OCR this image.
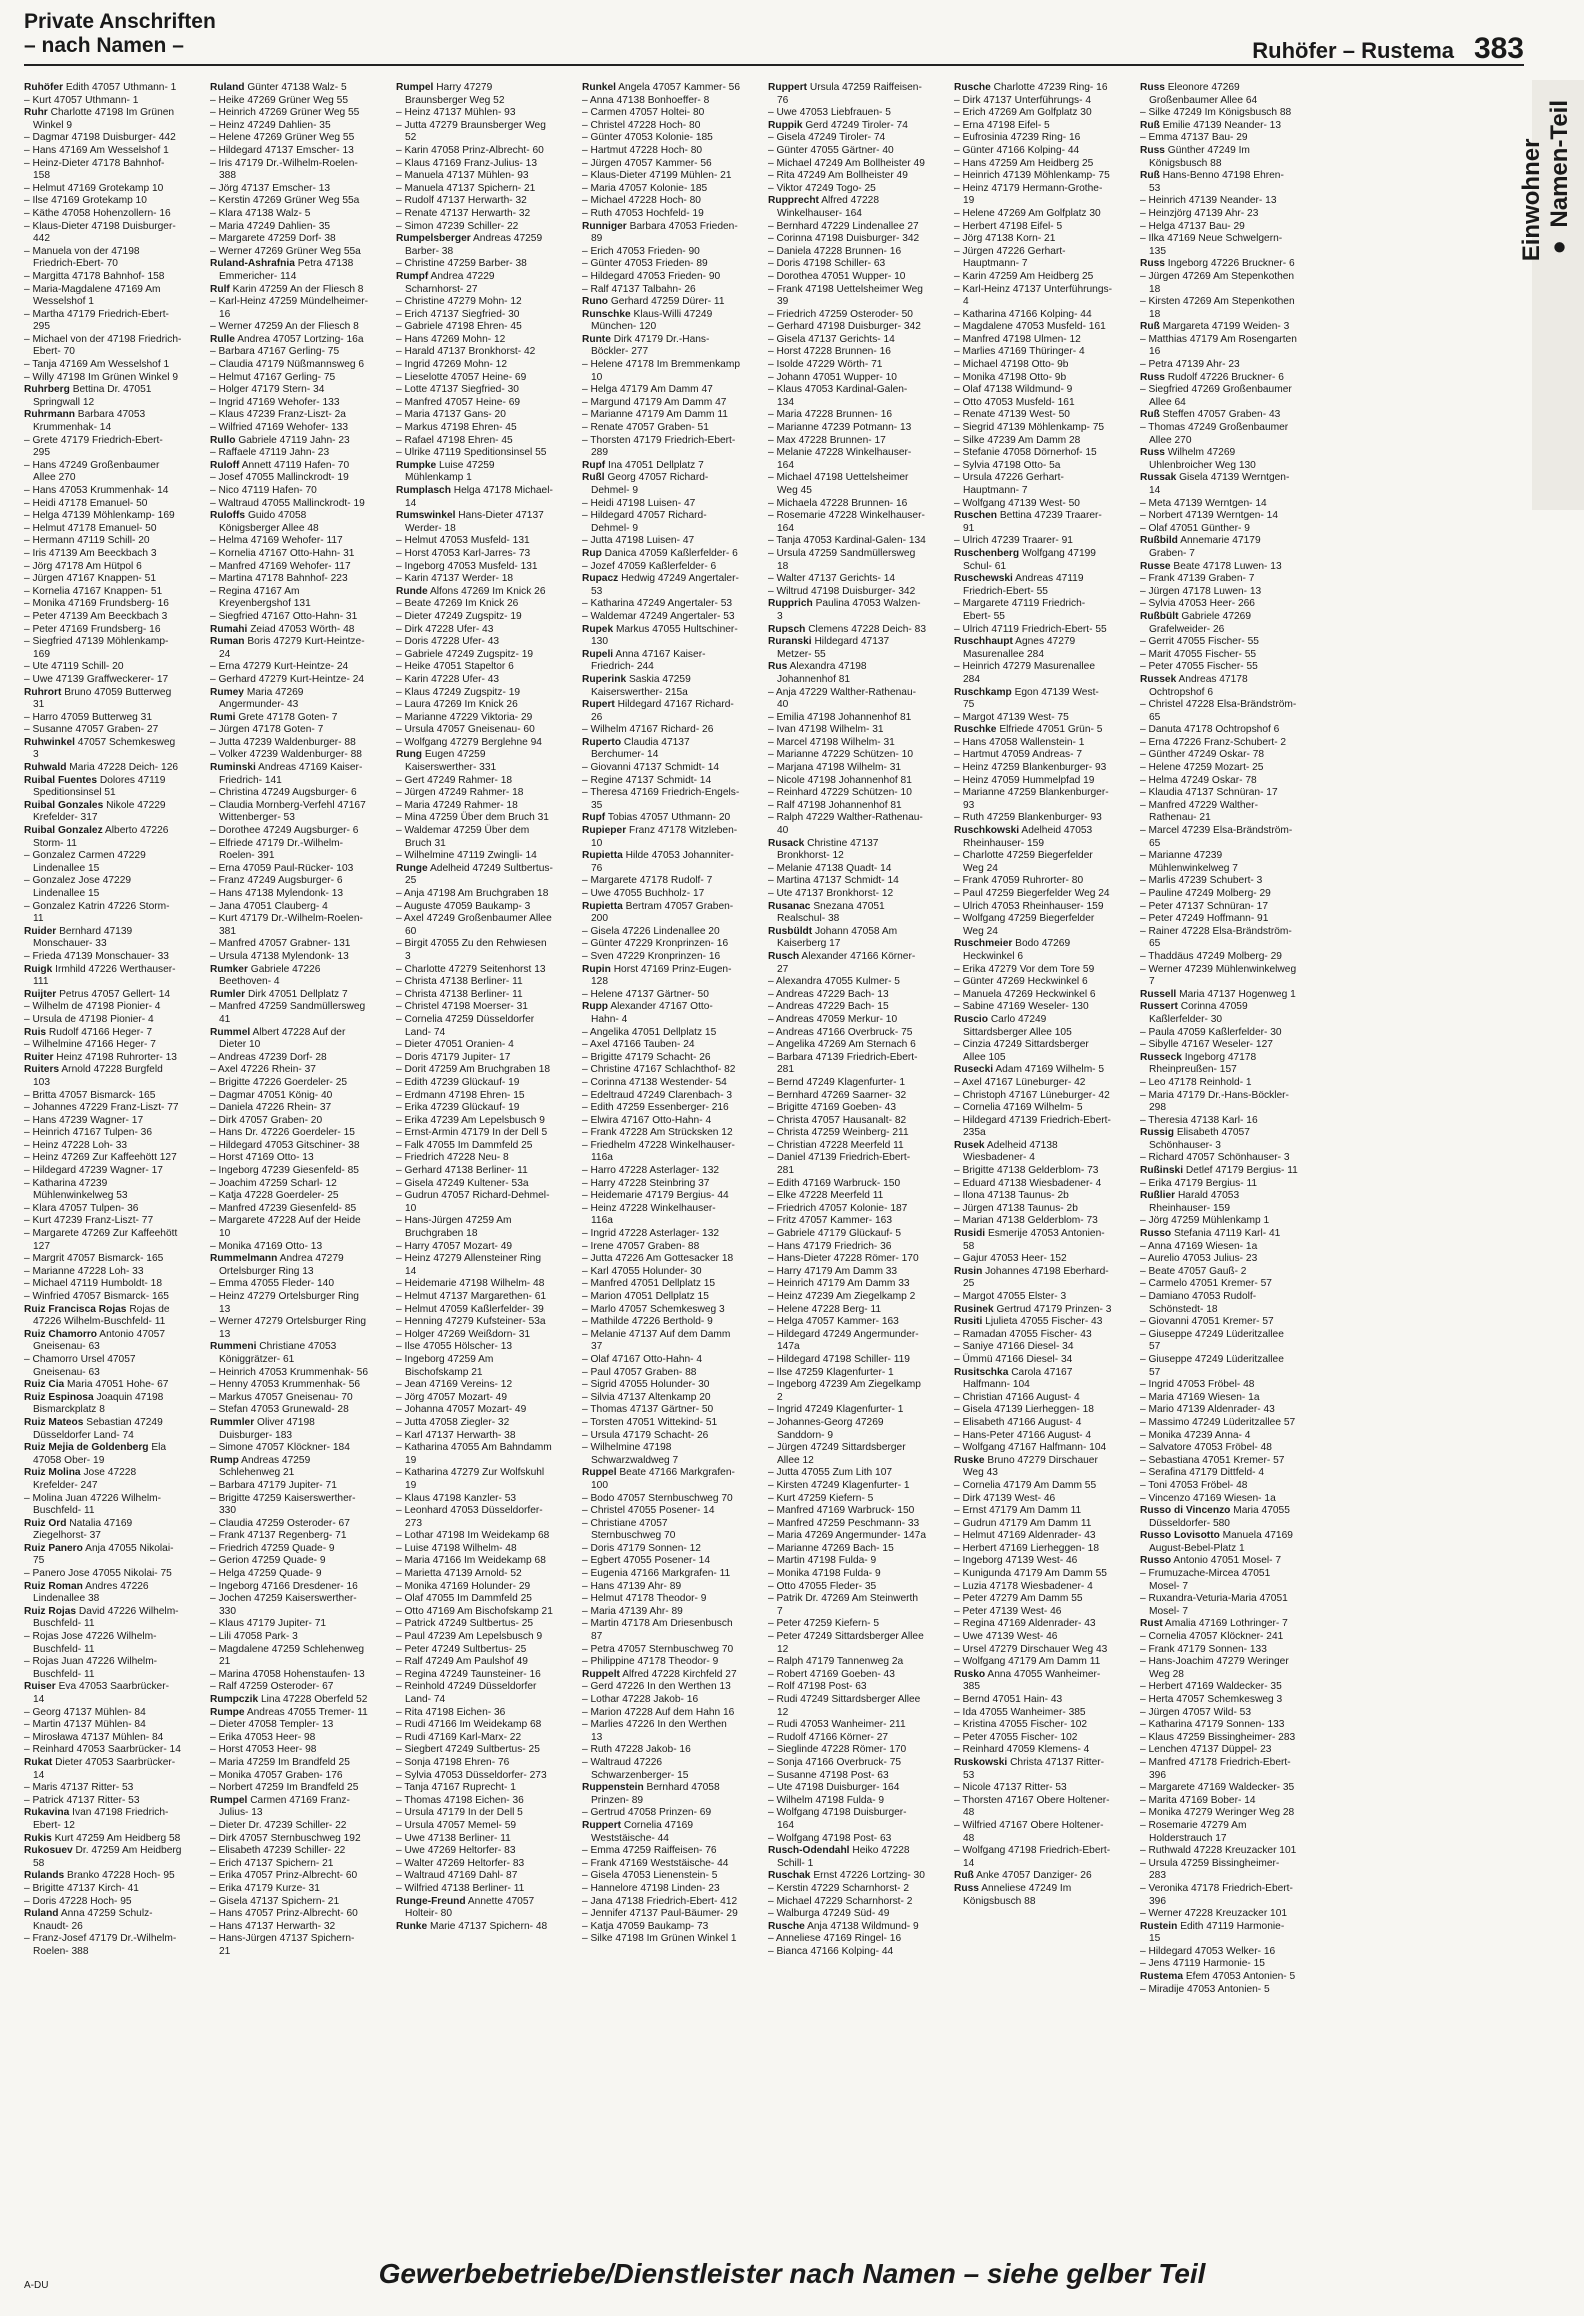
Private Anschriften
– nach Namen –	Ruhöfer – Rustema 383
Ruhöfer Edith 47057 Uthmann- 1
– Kurt 47057 Uthmann- 1
Ruhr Charlotte 47198 Im Grünen Winkel 9
– Dagmar 47198 Duisburger- 442
– Hans 47169 Am Wesselshof 1
– Heinz-Dieter 47178 Bahnhof- 158
– Helmut 47169 Grotekamp 10
– Ilse 47169 Grotekamp 10
– Käthe 47058 Hohenzollern- 16
– Klaus-Dieter 47198 Duisburger- 442
– Manuela von der 47198 Friedrich-Ebert- 70
– Margitta 47178 Bahnhof- 158
– Maria-Magdalene 47169 Am Wesselshof 1
– Martha 47179 Friedrich-Ebert- 295
– Michael von der 47198 Friedrich-Ebert- 70
– Tanja 47169 Am Wesselshof 1
– Willy 47198 Im Grünen Winkel 9
Ruhrberg Bettina Dr. 47051 Springwall 12
Ruhrmann Barbara 47053 Krummenhak- 14
– Grete 47179 Friedrich-Ebert- 295
– Hans 47249 Großenbaumer Allee 270
– Hans 47053 Krummenhak- 14
– Heidi 47178 Emanuel- 50
– Helga 47139 Möhlenkamp- 169
– Helmut 47178 Emanuel- 50
– Hermann 47119 Schill- 20
– Iris 47139 Am Beeckbach 3
– Jörg 47178 Am Hütpol 6
– Jürgen 47167 Knappen- 51
– Kornelia 47167 Knappen- 51
– Monika 47169 Frundsberg- 16
– Peter 47139 Am Beeckbach 3
– Peter 47169 Frundsberg- 16
– Siegfried 47139 Möhlenkamp- 169
– Ute 47119 Schill- 20
– Uwe 47139 Graffweckerer- 17
Ruhrort Bruno 47059 Butterweg 31
– Harro 47059 Butterweg 31
– Susanne 47057 Graben- 27
Ruhwinkel 47057 Schemkesweg 3
Ruhwald Maria 47228 Deich- 126
Ruibal Fuentes Dolores 47119 Speditionsinsel 51
Ruibal Gonzales Nikole 47229 Krefelder- 317
Ruibal Gonzalez Alberto 47226 Storm- 11
– Gonzalez Carmen 47229 Lindenallee 15
– Gonzalez Jose 47229 Lindenallee 15
– Gonzalez Katrin 47226 Storm- 11
Ruider Bernhard 47139 Monschauer- 33
– Frieda 47139 Monschauer- 33
Ruigk Irmhild 47226 Werthauser- 111
Ruijter Petrus 47057 Gellert- 14
– Wilhelm de 47198 Pionier- 4
– Ursula de 47198 Pionier- 4
Ruis Rudolf 47166 Heger- 7
– Wilhelmine 47166 Heger- 7
Ruiter Heinz 47198 Ruhrorter- 13
Ruiters Arnold 47228 Burgfeld 103
– Britta 47057 Bismarck- 165
– Johannes 47229 Franz-Liszt- 77
– Hans 47239 Wagner- 17
– Heinrich 47167 Tulpen- 36
– Heinz 47228 Loh- 33
– Heinz 47269 Zur Kaffeehött 127
– Hildegard 47239 Wagner- 17
– Katharina 47239 Mühlenwinkelweg 53
– Klara 47057 Tulpen- 36
– Kurt 47239 Franz-Liszt- 77
– Margarete 47269 Zur Kaffeehött 127
– Margrit 47057 Bismarck- 165
– Marianne 47228 Loh- 33
– Michael 47119 Humboldt- 18
– Winfried 47057 Bismarck- 165
Ruiz Francisca Rojas Rojas de 47226 Wilhelm-Buschfeld- 11
Ruiz Chamorro Antonio 47057 Gneisenau- 63
– Chamorro Ursel 47057 Gneisenau- 63
Ruiz Cia Maria 47051 Hohe- 67
Ruiz Espinosa Joaquin 47198 Bismarckplatz 8
Ruiz Mateos Sebastian 47249 Düsseldorfer Land- 74
Ruiz Mejia de Goldenberg Ela 47058 Ober- 19
Ruiz Molina Jose 47228 Krefelder- 247
– Molina Juan 47226 Wilhelm-Buschfeld- 11
Ruiz Ord Natalia 47169 Ziegelhorst- 37
Ruiz Panero Anja 47055 Nikolai- 75
– Panero Jose 47055 Nikolai- 75
Ruiz Roman Andres 47226 Lindenallee 38
Ruiz Rojas David 47226 Wilhelm-Buschfeld- 11
– Rojas Jose 47226 Wilhelm-Buschfeld- 11
– Rojas Juan 47226 Wilhelm-Buschfeld- 11
Ruiser Eva 47053 Saarbrücker- 14
– Georg 47137 Mühlen- 84
– Martin 47137 Mühlen- 84
– Mirosława 47137 Mühlen- 84
– Reinhard 47053 Saarbrücker- 14
Rukat Dieter 47053 Saarbrücker- 14
– Maris 47137 Ritter- 53
– Patrick 47137 Ritter- 53
Rukavina Ivan 47198 Friedrich-Ebert- 12
Rukis Kurt 47259 Am Heidberg 58
Rukosuev Dr. 47259 Am Heidberg 58
Rulands Branko 47228 Hoch- 95
– Brigitte 47137 Kirch- 41
– Doris 47228 Hoch- 95
Ruland Anna 47259 Schulz-Knaudt- 26
– Franz-Josef 47179 Dr.-Wilhelm-Roelen- 388
Ruland Günter 47138 Walz- 5
– Heike 47269 Grüner Weg 55
– Heinrich 47269 Grüner Weg 55
– Heinz 47249 Dahlien- 35
– Helene 47269 Grüner Weg 55
– Hildegard 47137 Emscher- 13
– Iris 47179 Dr.-Wilhelm-Roelen- 388
– Jörg 47137 Emscher- 13
– Kerstin 47269 Grüner Weg 55a
– Klara 47138 Walz- 5
– Maria 47249 Dahlien- 35
– Margarete 47259 Dorf- 38
– Werner 47269 Grüner Weg 55a
Ruland-Ashrafnia Petra 47138 Emmericher- 114
Rulf Karin 47259 An der Fliesch 8
– Karl-Heinz 47259 Mündelheimer- 16
– Werner 47259 An der Fliesch 8
Rulle Andrea 47057 Lortzing- 16a
– Barbara 47167 Gerling- 75
– Claudia 47179 Nüßmannsweg 6
– Helmut 47167 Gerling- 75
– Holger 47179 Stern- 34
– Ingrid 47169 Wehofer- 133
– Klaus 47239 Franz-Liszt- 2a
– Wilfried 47169 Wehofer- 133
Rullo Gabriele 47119 Jahn- 23
– Raffaele 47119 Jahn- 23
Ruloff Annett 47119 Hafen- 70
– Josef 47055 Mallinckrodt- 19
– Nico 47119 Hafen- 70
– Waltraud 47055 Mallinckrodt- 19
Ruloffs Guido 47058 Königsberger Allee 48
– Helma 47169 Wehofer- 117
– Kornelia 47167 Otto-Hahn- 31
– Manfred 47169 Wehofer- 117
– Martina 47178 Bahnhof- 223
– Regina 47167 Am Kreyenbergshof 131
– Siegfried 47167 Otto-Hahn- 31
Rumahi Zeiad 47053 Wörth- 48
Ruman Boris 47279 Kurt-Heintze- 24
– Erna 47279 Kurt-Heintze- 24
– Gerhard 47279 Kurt-Heintze- 24
Rumey Maria 47269 Angermunder- 43
Rumi Grete 47178 Goten- 7
– Jürgen 47178 Goten- 7
– Jutta 47239 Waldenburger- 88
– Volker 47239 Waldenburger- 88
Ruminski Andreas 47169 Kaiser-Friedrich- 141
– Christina 47249 Augsburger- 6
– Claudia Mornberg-Verfehl 47167 Wittenberger- 53
– Dorothee 47249 Augsburger- 6
– Elfriede 47179 Dr.-Wilhelm-Roelen- 391
– Erna 47059 Paul-Rücker- 103
– Franz 47249 Augsburger- 6
– Hans 47138 Mylendonk- 13
– Jana 47051 Clauberg- 4
– Kurt 47179 Dr.-Wilhelm-Roelen- 381
– Manfred 47057 Grabner- 131
– Ursula 47138 Mylendonk- 13
Rumker Gabriele 47226 Beethoven- 4
Rumler Dirk 47051 Dellplatz 7
– Manfred 47259 Sandmüllersweg 41
Rummel Albert 47228 Auf der Dieter 10
– Andreas 47239 Dorf- 28
– Axel 47226 Rhein- 37
– Brigitte 47226 Goerdeler- 25
– Dagmar 47051 König- 40
– Daniela 47226 Rhein- 37
– Dirk 47057 Graben- 20
– Hans Dr. 47226 Goerdeler- 15
– Hildegard 47053 Gitschiner- 38
– Horst 47169 Otto- 13
– Ingeborg 47239 Giesenfeld- 85
– Joachim 47259 Scharl- 12
– Katja 47228 Goerdeler- 25
– Manfred 47239 Giesenfeld- 85
– Margarete 47228 Auf der Heide 10
– Monika 47169 Otto- 13
Rummelmann Andrea 47279 Ortelsburger Ring 13
– Emma 47055 Fleder- 140
– Heinz 47279 Ortelsburger Ring 13
– Werner 47279 Ortelsburger Ring 13
Rummeni Christiane 47053 Königgrätzer- 61
– Heinrich 47053 Krummenhak- 56
– Henny 47053 Krummenhak- 56
– Markus 47057 Gneisenau- 70
– Stefan 47053 Grunewald- 28
Rummler Oliver 47198 Duisburger- 183
– Simone 47057 Klöckner- 184
Rump Andreas 47259 Schlehenweg 21
– Barbara 47179 Jupiter- 71
– Brigitte 47259 Kaiserswerther- 330
– Claudia 47259 Osteroder- 67
– Frank 47137 Regenberg- 71
– Friedrich 47259 Quade- 9
– Gerion 47259 Quade- 9
– Helga 47259 Quade- 9
– Ingeborg 47166 Dresdener- 16
– Jochen 47259 Kaiserswerther- 330
– Klaus 47179 Jupiter- 71
– Lili 47058 Park- 3
– Magdalene 47259 Schlehenweg 21
– Marina 47058 Hohenstaufen- 13
– Ralf 47259 Osteroder- 67
Rumpczik Lina 47228 Oberfeld 52
Rumpe Andreas 47055 Tremer- 11
– Dieter 47058 Templer- 13
– Erika 47053 Heer- 98
– Horst 47053 Heer- 98
– Maria 47259 Im Brandfeld 25
– Monika 47057 Graben- 176
– Norbert 47259 Im Brandfeld 25
Rumpel Carmen 47169 Franz-Julius- 13
– Dieter Dr. 47239 Schiller- 22
– Dirk 47057 Sternbuschweg 192
– Elisabeth 47239 Schiller- 22
– Erich 47137 Spichern- 21
– Erika 47057 Prinz-Albrecht- 60
– Erika 47179 Kurze- 31
– Gisela 47137 Spichern- 21
– Hans 47057 Prinz-Albrecht- 60
– Hans 47137 Herwarth- 32
– Hans-Jürgen 47137 Spichern- 21
Rumpel Harry 47279 Braunsberger Weg 52
– Heinz 47137 Mühlen- 93
– Jutta 47279 Braunsberger Weg 52
– Karin 47058 Prinz-Albrecht- 60
– Klaus 47169 Franz-Julius- 13
– Manuela 47137 Mühlen- 93
– Manuela 47137 Spichern- 21
– Rudolf 47137 Herwarth- 32
– Renate 47137 Herwarth- 32
– Simon 47239 Schiller- 22
Rumpelsberger Andreas 47259 Barber- 38
– Christine 47259 Barber- 38
Rumpf Andrea 47229 Scharnhorst- 27
– Christine 47279 Mohn- 12
– Erich 47137 Siegfried- 30
– Gabriele 47198 Ehren- 45
– Hans 47269 Mohn- 12
– Harald 47137 Bronkhorst- 42
– Ingrid 47269 Mohn- 12
– Lieselotte 47057 Heine- 69
– Lotte 47137 Siegfried- 30
– Manfred 47057 Heine- 69
– Maria 47137 Gans- 20
– Markus 47198 Ehren- 45
– Rafael 47198 Ehren- 45
– Ulrike 47119 Speditionsinsel 55
Rumpke Luise 47259 Mühlenkamp 1
Rumplasch Helga 47178 Michael- 14
Rumswinkel Hans-Dieter 47137 Werder- 18
– Helmut 47053 Musfeld- 131
– Horst 47053 Karl-Jarres- 73
– Ingeborg 47053 Musfeld- 131
– Karin 47137 Werder- 18
Runde Alfons 47269 Im Knick 26
– Beate 47269 Im Knick 26
– Dieter 47249 Zugspitz- 19
– Dirk 47228 Ufer- 43
– Doris 47228 Ufer- 43
– Gabriele 47249 Zugspitz- 19
– Heike 47051 Stapeltor 6
– Karin 47228 Ufer- 43
– Klaus 47249 Zugspitz- 19
– Laura 47269 Im Knick 26
– Marianne 47229 Viktoria- 29
– Ursula 47057 Gneisenau- 60
– Wolfgang 47279 Berglehne 94
Rung Eugen 47259 Kaiserswerther- 331
– Gert 47249 Rahmer- 18
– Jürgen 47249 Rahmer- 18
– Maria 47249 Rahmer- 18
– Mina 47259 Über dem Bruch 31
– Waldemar 47259 Über dem Bruch 31
– Wilhelmine 47119 Zwingli- 14
Runge Adelheid 47249 Sultbertus- 25
– Anja 47198 Am Bruchgraben 18
– Auguste 47059 Baukamp- 3
– Axel 47249 Großenbaumer Allee 60
– Birgit 47055 Zu den Rehwiesen 3
– Charlotte 47279 Seitenhorst 13
– Christa 47138 Berliner- 11
– Christa 47138 Berliner- 11
– Christel 47198 Moerser- 31
– Cornelia 47259 Düsseldorfer Land- 74
– Dieter 47051 Oranien- 4
– Doris 47179 Jupiter- 17
– Dorit 47259 Am Bruchgraben 18
– Edith 47239 Glückauf- 19
– Erdmann 47198 Ehren- 15
– Erika 47239 Glückauf- 19
– Erika 47239 Am Lepelsbusch 9
– Ernst-Armin 47179 In der Dell 5
– Falk 47055 Im Dammfeld 25
– Friedrich 47228 Neu- 8
– Gerhard 47138 Berliner- 11
– Gisela 47249 Kultener- 53a
– Gudrun 47057 Richard-Dehmel- 10
– Hans-Jürgen 47259 Am Bruchgraben 18
– Harry 47057 Mozart- 49
– Heinz 47279 Allensteiner Ring 14
– Heidemarie 47198 Wilhelm- 48
– Helmut 47137 Margarethen- 61
– Helmut 47059 Kaßlerfelder- 39
– Henning 47279 Kufsteiner- 53a
– Holger 47269 Weißdorn- 31
– Ilse 47055 Hölscher- 13
– Ingeborg 47259 Am Bischofskamp 21
– Jean 47169 Vereins- 12
– Jörg 47057 Mozart- 49
– Johanna 47057 Mozart- 49
– Jutta 47058 Ziegler- 32
– Karl 47137 Herwarth- 38
– Katharina 47055 Am Bahndamm 19
– Katharina 47279 Zur Wolfskuhl 19
– Klaus 47198 Kanzler- 53
– Leonhard 47053 Düsseldorfer- 273
– Lothar 47198 Im Weidekamp 68
– Luise 47198 Wilhelm- 48
– Maria 47166 Im Weidekamp 68
– Marietta 47139 Arnold- 52
– Monika 47169 Holunder- 29
– Olaf 47055 Im Dammfeld 25
– Otto 47169 Am Bischofskamp 21
– Patrick 47249 Sultbertus- 25
– Paul 47239 Am Lepelsbusch 9
– Peter 47249 Sultbertus- 25
– Ralf 47249 Am Paulshof 49
– Regina 47249 Taunsteiner- 16
– Reinhold 47249 Düsseldorfer Land- 74
– Rita 47198 Eichen- 36
– Rudi 47166 Im Weidekamp 68
– Rudi 47169 Karl-Marx- 22
– Siegbert 47249 Sultbertus- 25
– Sonja 47198 Ehren- 76
– Sylvia 47053 Düsseldorfer- 273
– Tanja 47167 Ruprecht- 1
– Thomas 47198 Eichen- 36
– Ursula 47179 In der Dell 5
– Ursula 47057 Memel- 59
– Uwe 47138 Berliner- 11
– Uwe 47269 Heltorfer- 83
– Walter 47269 Heltorfer- 83
– Waltraud 47169 Dahl- 87
– Wilfried 47138 Berliner- 11
Runge-Freund Annette 47057 Holteir- 80
Runke Marie 47137 Spichern- 48
Runkel Angela 47057 Kammer- 56
– Anna 47138 Bonhoeffer- 8
– Carmen 47057 Holtei- 80
– Christel 47228 Hoch- 80
– Günter 47053 Kolonie- 185
– Hartmut 47228 Hoch- 80
– Jürgen 47057 Kammer- 56
– Klaus-Dieter 47199 Mühlen- 21
– Maria 47057 Kolonie- 185
– Michael 47228 Hoch- 80
– Ruth 47053 Hochfeld- 19
Runniger Barbara 47053 Frieden- 89
– Erich 47053 Frieden- 90
– Günter 47053 Frieden- 89
– Hildegard 47053 Frieden- 90
– Ralf 47137 Talbahn- 26
Runo Gerhard 47259 Dürer- 11
Runschke Klaus-Willi 47249 München- 120
Runte Dirk 47179 Dr.-Hans-Böckler- 277
– Helene 47178 Im Bremmenkamp 10
– Helga 47179 Am Damm 47
– Margund 47179 Am Damm 47
– Marianne 47179 Am Damm 11
– Renate 47057 Graben- 51
– Thorsten 47179 Friedrich-Ebert- 289
Rupf Ina 47051 Dellplatz 7
Rußl Georg 47057 Richard-Dehmel- 9
– Heidi 47198 Luisen- 47
– Hildegard 47057 Richard-Dehmel- 9
– Jutta 47198 Luisen- 47
Rup Danica 47059 Kaßlerfelder- 6
– Jozef 47059 Kaßlerfelder- 6
Rupacz Hedwig 47249 Angertaler- 53
– Katharina 47249 Angertaler- 53
– Waldemar 47249 Angertaler- 53
Rupek Markus 47055 Hultschiner- 130
Rupeli Anna 47167 Kaiser-Friedrich- 244
Ruperink Saskia 47259 Kaiserswerther- 215a
Rupert Hildegard 47167 Richard- 26
– Wilhelm 47167 Richard- 26
Ruperto Claudia 47137 Berchumer- 14
– Giovanni 47137 Schmidt- 14
– Regine 47137 Schmidt- 14
– Theresa 47169 Friedrich-Engels- 35
Rupf Tobias 47057 Uthmann- 20
Rupieper Franz 47178 Witzleben- 10
Rupietta Hilde 47053 Johanniter- 76
– Margarete 47178 Rudolf- 7
– Uwe 47055 Buchholz- 17
Rupietta Bertram 47057 Graben- 200
– Gisela 47226 Lindenallee 20
– Günter 47229 Kronprinzen- 16
– Sven 47229 Kronprinzen- 16
Rupin Horst 47169 Prinz-Eugen- 128
– Helene 47137 Gärtner- 50
Rupp Alexander 47167 Otto-Hahn- 4
– Angelika 47051 Dellplatz 15
– Axel 47166 Tauben- 24
– Brigitte 47179 Schacht- 26
– Christine 47167 Schlachthof- 82
– Corinna 47138 Westender- 54
– Edeltraud 47249 Clarenbach- 3
– Edith 47259 Essenberger- 216
– Elwira 47167 Otto-Hahn- 4
– Frank 47228 Am Strücksken 12
– Friedhelm 47228 Winkelhauser- 116a
– Harro 47228 Asterlager- 132
– Harry 47228 Steinbring 37
– Heidemarie 47179 Bergius- 44
– Heinz 47228 Winkelhauser- 116a
– Ingrid 47228 Asterlager- 132
– Irene 47057 Graben- 88
– Jutta 47226 Am Gottesacker 18
– Karl 47055 Holunder- 30
– Manfred 47051 Dellplatz 15
– Marion 47051 Dellplatz 15
– Marlo 47057 Schemkesweg 3
– Mathilde 47226 Berthold- 9
– Melanie 47137 Auf dem Damm 37
– Olaf 47167 Otto-Hahn- 4
– Paul 47057 Graben- 88
– Sigrid 47055 Holunder- 30
– Silvia 47137 Altenkamp 20
– Thomas 47137 Gärtner- 50
– Torsten 47051 Wittekind- 51
– Ursula 47179 Schacht- 26
– Wilhelmine 47198 Schwarzwaldweg 7
Ruppel Beate 47166 Markgrafen- 100
– Bodo 47057 Sternbuschweg 70
– Christel 47055 Posener- 14
– Christiane 47057 Sternbuschweg 70
– Doris 47179 Sonnen- 12
– Egbert 47055 Posener- 14
– Eugenia 47166 Markgrafen- 11
– Hans 47139 Ahr- 89
– Helmut 47178 Theodor- 9
– Maria 47139 Ahr- 89
– Martin 47178 Am Driesenbusch 87
– Petra 47057 Sternbuschweg 70
– Philippine 47178 Theodor- 9
Ruppelt Alfred 47228 Kirchfeld 27
– Gerd 47226 In den Werthen 13
– Lothar 47228 Jakob- 16
– Marion 47228 Auf dem Hahn 16
– Marlies 47226 In den Werthen 13
– Ruth 47228 Jakob- 16
– Waltraud 47226 Schwarzenberger- 15
Ruppenstein Bernhard 47058 Prinzen- 89
– Gertrud 47058 Prinzen- 69
Ruppert Cornelia 47169 Weststäische- 44
– Emma 47259 Raiffeisen- 76
– Frank 47169 Weststäische- 44
– Gisela 47053 Lienenstein- 5
– Hannelore 47198 Linden- 23
– Jana 47138 Friedrich-Ebert- 412
– Jennifer 47137 Paul-Bäumer- 29
– Katja 47059 Baukamp- 73
– Silke 47198 Im Grünen Winkel 1
Ruppert Ursula 47259 Raiffeisen- 76
– Uwe 47053 Liebfrauen- 5
Ruppik Gerd 47249 Tiroler- 74
– Gisela 47249 Tiroler- 74
– Günter 47055 Gärtner- 40
– Michael 47249 Am Bollheister 49
– Rita 47249 Am Bollheister 49
– Viktor 47249 Togo- 25
Rupprecht Alfred 47228 Winkelhauser- 164
– Bernhard 47229 Lindenallee 27
– Corinna 47198 Duisburger- 342
– Daniela 47228 Brunnen- 16
– Doris 47198 Schiller- 63
– Dorothea 47051 Wupper- 10
– Frank 47198 Uettelsheimer Weg 39
– Friedrich 47259 Osteroder- 50
– Gerhard 47198 Duisburger- 342
– Gisela 47137 Gerichts- 14
– Horst 47228 Brunnen- 16
– Isolde 47229 Wörth- 71
– Johann 47051 Wupper- 10
– Klaus 47053 Kardinal-Galen- 134
– Maria 47228 Brunnen- 16
– Marianne 47239 Potmann- 13
– Max 47228 Brunnen- 17
– Melanie 47228 Winkelhauser- 164
– Michael 47198 Uettelsheimer Weg 45
– Michaela 47228 Brunnen- 16
– Rosemarie 47228 Winkelhauser- 164
– Tanja 47053 Kardinal-Galen- 134
– Ursula 47259 Sandmüllersweg 18
– Walter 47137 Gerichts- 14
– Wiltrud 47198 Duisburger- 342
Rupprich Paulina 47053 Walzen- 3
Rupsch Clemens 47228 Deich- 83
Ruranski Hildegard 47137 Metzer- 55
Rus Alexandra 47198 Johannenhof 81
– Anja 47229 Walther-Rathenau- 40
– Emilia 47198 Johannenhof 81
– Ivan 47198 Wilhelm- 31
– Marcel 47198 Wilhelm- 31
– Marianne 47229 Schützen- 10
– Marjana 47198 Wilhelm- 31
– Nicole 47198 Johannenhof 81
– Reinhard 47229 Schützen- 10
– Ralf 47198 Johannenhof 81
– Ralph 47229 Walther-Rathenau- 40
Rusack Christine 47137 Bronkhorst- 12
– Melanie 47138 Quadt- 14
– Martina 47137 Schmidt- 14
– Ute 47137 Bronkhorst- 12
Rusanac Snezana 47051 Realschul- 38
Rusbüldt Johann 47058 Am Kaiserberg 17
Rusch Alexander 47166 Körner- 27
– Alexandra 47055 Kulmer- 5
– Andreas 47229 Bach- 13
– Andreas 47229 Bach- 15
– Andreas 47059 Merkur- 10
– Andreas 47166 Overbruck- 75
– Angelika 47269 Am Sternach 6
– Barbara 47139 Friedrich-Ebert- 281
– Bernd 47249 Klagenfurter- 1
– Bernhard 47269 Saarner- 32
– Brigitte 47169 Goeben- 43
– Christa 47057 Hausanalt- 82
– Christa 47259 Weinberg- 211
– Christian 47228 Meerfeld 11
– Daniel 47139 Friedrich-Ebert- 281
– Edith 47169 Warbruck- 150
– Elke 47228 Meerfeld 11
– Friedrich 47057 Kolonie- 187
– Fritz 47057 Kammer- 163
– Gabriele 47179 Glückauf- 5
– Hans 47179 Friedrich- 36
– Hans-Dieter 47228 Römer- 170
– Harry 47179 Am Damm 33
– Heinrich 47179 Am Damm 33
– Heinz 47239 Am Ziegelkamp 2
– Helene 47228 Berg- 11
– Helga 47057 Kammer- 163
– Hildegard 47249 Angermunder- 147a
– Hildegard 47198 Schiller- 119
– Ilse 47259 Klagenfurter- 1
– Ingeborg 47239 Am Ziegelkamp 2
– Ingrid 47249 Klagenfurter- 1
– Johannes-Georg 47269 Sanddorn- 9
– Jürgen 47249 Sittardsberger Allee 12
– Jutta 47055 Zum Lith 107
– Kirsten 47249 Klagenfurter- 1
– Kurt 47259 Kiefern- 5
– Manfred 47169 Warbruck- 150
– Manfred 47259 Peschmann- 33
– Maria 47269 Angermunder- 147a
– Marianne 47269 Bach- 15
– Martin 47198 Fulda- 9
– Monika 47198 Fulda- 9
– Otto 47055 Fleder- 35
– Patrik Dr. 47269 Am Steinwerth 7
– Peter 47259 Kiefern- 5
– Peter 47249 Sittardsberger Allee 12
– Ralph 47179 Tannenweg 2a
– Robert 47169 Goeben- 43
– Rolf 47198 Post- 63
– Rudi 47249 Sittardsberger Allee 12
– Rudi 47053 Wanheimer- 211
– Rudolf 47166 Körner- 27
– Sieglinde 47228 Römer- 170
– Sonja 47166 Overbruck- 75
– Susanne 47198 Post- 63
– Ute 47198 Duisburger- 164
– Wilhelm 47198 Fulda- 9
– Wolfgang 47198 Duisburger- 164
– Wolfgang 47198 Post- 63
Rusch-Odendahl Heiko 47228 Schill- 1
Ruschak Ernst 47226 Lortzing- 30
– Kerstin 47229 Scharnhorst- 2
– Michael 47229 Scharnhorst- 2
– Walburga 47249 Süd- 49
Rusche Anja 47138 Wildmund- 9
– Anneliese 47169 Ringel- 16
– Bianca 47166 Kolping- 44
Rusche Charlotte 47239 Ring- 16
– Dirk 47137 Unterführungs- 4
– Erich 47269 Am Golfplatz 30
– Erna 47198 Eifel- 5
– Eufrosinia 47239 Ring- 16
– Günter 47166 Kolping- 44
– Hans 47259 Am Heidberg 25
– Heinrich 47139 Möhlenkamp- 75
– Heinz 47179 Hermann-Grothe- 19
– Helene 47269 Am Golfplatz 30
– Herbert 47198 Eifel- 5
– Jörg 47138 Korn- 21
– Jürgen 47226 Gerhart-Hauptmann- 7
– Karin 47259 Am Heidberg 25
– Karl-Heinz 47137 Unterführungs- 4
– Katharina 47166 Kolping- 44
– Magdalene 47053 Musfeld- 161
– Manfred 47198 Ulmen- 12
– Marlies 47169 Thüringer- 4
– Michael 47198 Otto- 9b
– Monika 47198 Otto- 9b
– Olaf 47138 Wildmund- 9
– Otto 47053 Musfeld- 161
– Renate 47139 West- 50
– Siegrid 47139 Möhlenkamp- 75
– Silke 47239 Am Damm 28
– Stefanie 47058 Dörnerhof- 15
– Sylvia 47198 Otto- 5a
– Ursula 47226 Gerhart-Hauptmann- 7
– Wolfgang 47139 West- 50
Ruschen Bettina 47239 Traarer- 91
– Ulrich 47239 Traarer- 91
Ruschenberg Wolfgang 47199 Schul- 61
Ruschewski Andreas 47119 Friedrich-Ebert- 55
– Margarete 47119 Friedrich-Ebert- 55
– Ulrich 47119 Friedrich-Ebert- 55
Ruschhaupt Agnes 47279 Masurenallee 284
– Heinrich 47279 Masurenallee 284
Ruschkamp Egon 47139 West- 75
– Margot 47139 West- 75
Ruschke Elfriede 47051 Grün- 5
– Hans 47058 Wallenstein- 1
– Hartmut 47059 Andreas- 7
– Heinz 47259 Blankenburger- 93
– Heinz 47059 Hummelpfad 19
– Marianne 47259 Blankenburger- 93
– Ruth 47259 Blankenburger- 93
Ruschkowski Adelheid 47053 Rheinhauser- 159
– Charlotte 47259 Biegerfelder Weg 24
– Frank 47059 Ruhrorter- 80
– Paul 47259 Biegerfelder Weg 24
– Ulrich 47053 Rheinhauser- 159
– Wolfgang 47259 Biegerfelder Weg 24
Ruschmeier Bodo 47269 Heckwinkel 6
– Erika 47279 Vor dem Tore 59
– Günter 47269 Heckwinkel 6
– Manuela 47269 Heckwinkel 6
– Sabine 47169 Weseler- 130
Ruscio Carlo 47249 Sittardsberger Allee 105
– Cinzia 47249 Sittardsberger Allee 105
Rusecki Adam 47169 Wilhelm- 5
– Axel 47167 Lüneburger- 42
– Christoph 47167 Lüneburger- 42
– Cornelia 47169 Wilhelm- 5
– Hildegard 47139 Friedrich-Ebert- 235a
Rusek Adelheid 47138 Wiesbadener- 4
– Brigitte 47138 Gelderblom- 73
– Eduard 47138 Wiesbadener- 4
– Ilona 47138 Taunus- 2b
– Jürgen 47138 Taunus- 2b
– Marian 47138 Gelderblom- 73
Rusidi Esmerije 47053 Antonien- 58
– Gajur 47053 Heer- 152
Rusin Johannes 47198 Eberhard- 25
– Margot 47055 Elster- 3
Rusinek Gertrud 47179 Prinzen- 3
Rusiti Ljulieta 47055 Fischer- 43
– Ramadan 47055 Fischer- 43
– Saniye 47166 Diesel- 34
– Ümmü 47166 Diesel- 34
Rusitschka Carola 47167 Halfmann- 104
– Christian 47166 August- 4
– Gisela 47139 Lierheggen- 18
– Elisabeth 47166 August- 4
– Hans-Peter 47166 August- 4
– Wolfgang 47167 Halfmann- 104
Ruske Bruno 47279 Dirschauer Weg 43
– Cornelia 47179 Am Damm 55
– Dirk 47139 West- 46
– Ernst 47179 Am Damm 11
– Gudrun 47179 Am Damm 11
– Helmut 47169 Aldenrader- 43
– Herbert 47169 Lierheggen- 18
– Ingeborg 47139 West- 46
– Kunigunda 47179 Am Damm 55
– Luzia 47178 Wiesbadener- 4
– Peter 47279 Am Damm 55
– Peter 47139 West- 46
– Regina 47169 Aldenrader- 43
– Uwe 47139 West- 46
– Ursel 47279 Dirschauer Weg 43
– Wolfgang 47179 Am Damm 11
Rusko Anna 47055 Wanheimer- 385
– Bernd 47051 Hain- 43
– Ida 47055 Wanheimer- 385
– Kristina 47055 Fischer- 102
– Peter 47055 Fischer- 102
– Reinhard 47059 Klemens- 4
Ruskowski Christa 47137 Ritter- 53
– Nicole 47137 Ritter- 53
– Thorsten 47167 Obere Holtener- 48
– Wilfried 47167 Obere Holtener- 48
– Wolfgang 47198 Friedrich-Ebert- 14
Ruß Anke 47057 Danziger- 26
Russ Anneliese 47249 Im Königsbusch 88
Russ Eleonore 47269 Großenbaumer Allee 64
– Silke 47249 Im Königsbusch 88
Ruß Emilie 47139 Neander- 13
– Emma 47137 Bau- 29
Russ Günther 47249 Im Königsbusch 88
Ruß Hans-Benno 47198 Ehren- 53
– Heinrich 47139 Neander- 13
– Heinzjörg 47139 Ahr- 23
– Helga 47137 Bau- 29
– Ilka 47169 Neue Schwelgern- 135
Russ Ingeborg 47226 Bruckner- 6
– Jürgen 47269 Am Stepenkothen 18
– Kirsten 47269 Am Stepenkothen 18
Ruß Margareta 47199 Weiden- 3
– Matthias 47179 Am Rosengarten 16
– Petra 47139 Ahr- 23
Russ Rudolf 47226 Bruckner- 6
– Siegfried 47269 Großenbaumer Allee 64
Ruß Steffen 47057 Graben- 43
– Thomas 47249 Großenbaumer Allee 270
Russ Wilhelm 47269 Uhlenbroicher Weg 130
Russak Gisela 47139 Werntgen- 14
– Meta 47139 Werntgen- 14
– Norbert 47139 Werntgen- 14
– Olaf 47051 Günther- 9
Rußbild Annemarie 47179 Graben- 7
Russe Beate 47178 Luwen- 13
– Frank 47139 Graben- 7
– Jürgen 47178 Luwen- 13
– Sylvia 47053 Heer- 266
Rußbült Gabriele 47269 Grafelweider- 26
– Gerrit 47055 Fischer- 55
– Marit 47055 Fischer- 55
– Peter 47055 Fischer- 55
Russek Andreas 47178 Ochtropshof 6
– Christel 47228 Elsa-Brändström- 65
– Danuta 47178 Ochtropshof 6
– Erna 47226 Franz-Schubert- 2
– Günther 47249 Oskar- 78
– Helene 47259 Mozart- 25
– Helma 47249 Oskar- 78
– Klaudia 47137 Schnüran- 17
– Manfred 47229 Walther-Rathenau- 21
– Marcel 47239 Elsa-Brändström- 65
– Marianne 47239 Mühlenwinkelweg 7
– Marlis 47239 Schubert- 3
– Pauline 47249 Molberg- 29
– Peter 47137 Schnüran- 17
– Peter 47249 Hoffmann- 91
– Rainer 47228 Elsa-Brändström- 65
– Thaddäus 47249 Molberg- 29
– Werner 47239 Mühlenwinkelweg 7
Russell Maria 47137 Hogenweg 1
Russert Corinna 47059 Kaßlerfelder- 30
– Paula 47059 Kaßlerfelder- 30
– Sibylle 47167 Weseler- 127
Russeck Ingeborg 47178 Rheinpreußen- 157
– Leo 47178 Reinhold- 1
– Maria 47179 Dr.-Hans-Böckler- 298
– Theresia 47138 Karl- 16
Russig Elisabeth 47057 Schönhauser- 3
– Richard 47057 Schönhauser- 3
Rußinski Detlef 47179 Bergius- 11
– Erika 47179 Bergius- 11
Rußlier Harald 47053 Rheinhauser- 159
– Jörg 47259 Mühlenkamp 1
Russo Stefania 47119 Karl- 41
– Anna 47169 Wiesen- 1a
– Aurelio 47053 Julius- 23
– Beate 47057 Gauß- 2
– Carmelo 47051 Kremer- 57
– Damiano 47053 Rudolf-Schönstedt- 18
– Giovanni 47051 Kremer- 57
– Giuseppe 47249 Lüderitzallee 57
– Giuseppe 47249 Lüderitzallee 57
– Ingrid 47053 Fröbel- 48
– Maria 47169 Wiesen- 1a
– Mario 47139 Aldenrader- 43
– Massimo 47249 Lüderitzallee 57
– Monika 47239 Anna- 4
– Salvatore 47053 Fröbel- 48
– Sebastiana 47051 Kremer- 57
– Serafina 47179 Dittfeld- 4
– Toni 47053 Fröbel- 48
– Vincenzo 47169 Wiesen- 1a
Russo di Vincenzo Maria 47055 Düsseldorfer- 580
Russo Lovisotto Manuela 47169 August-Bebel-Platz 1
Russo Antonio 47051 Mosel- 7
– Frumuzache-Mircea 47051 Mosel- 7
– Ruxandra-Veturia-Maria 47051 Mosel- 7
Rust Amalia 47169 Lothringer- 7
– Cornelia 47057 Klöckner- 241
– Frank 47179 Sonnen- 133
– Hans-Joachim 47279 Weringer Weg 28
– Herbert 47169 Waldecker- 35
– Herta 47057 Schemkesweg 3
– Jürgen 47057 Wild- 53
– Katharina 47179 Sonnen- 133
– Klaus 47259 Bissingheimer- 283
– Lenchen 47137 Düppel- 23
– Manfred 47178 Friedrich-Ebert- 396
– Margarete 47169 Waldecker- 35
– Marita 47169 Bober- 14
– Monika 47279 Weringer Weg 28
– Rosemarie 47279 Am Holderstrauch 17
– Ruthwald 47228 Kreuzacker 101
– Ursula 47259 Bissingheimer- 283
– Veronika 47178 Friedrich-Ebert- 396
– Werner 47228 Kreuzacker 101
Rustein Edith 47119 Harmonie- 15
– Hildegard 47053 Welker- 16
– Jens 47119 Harmonie- 15
Rustema Efem 47053 Antonien- 5
– Miradije 47053 Antonien- 5
Einwohner ● Namen-Teil
Gewerbebetriebe/Dienstleister nach Namen – siehe gelber Teil
A-DU
